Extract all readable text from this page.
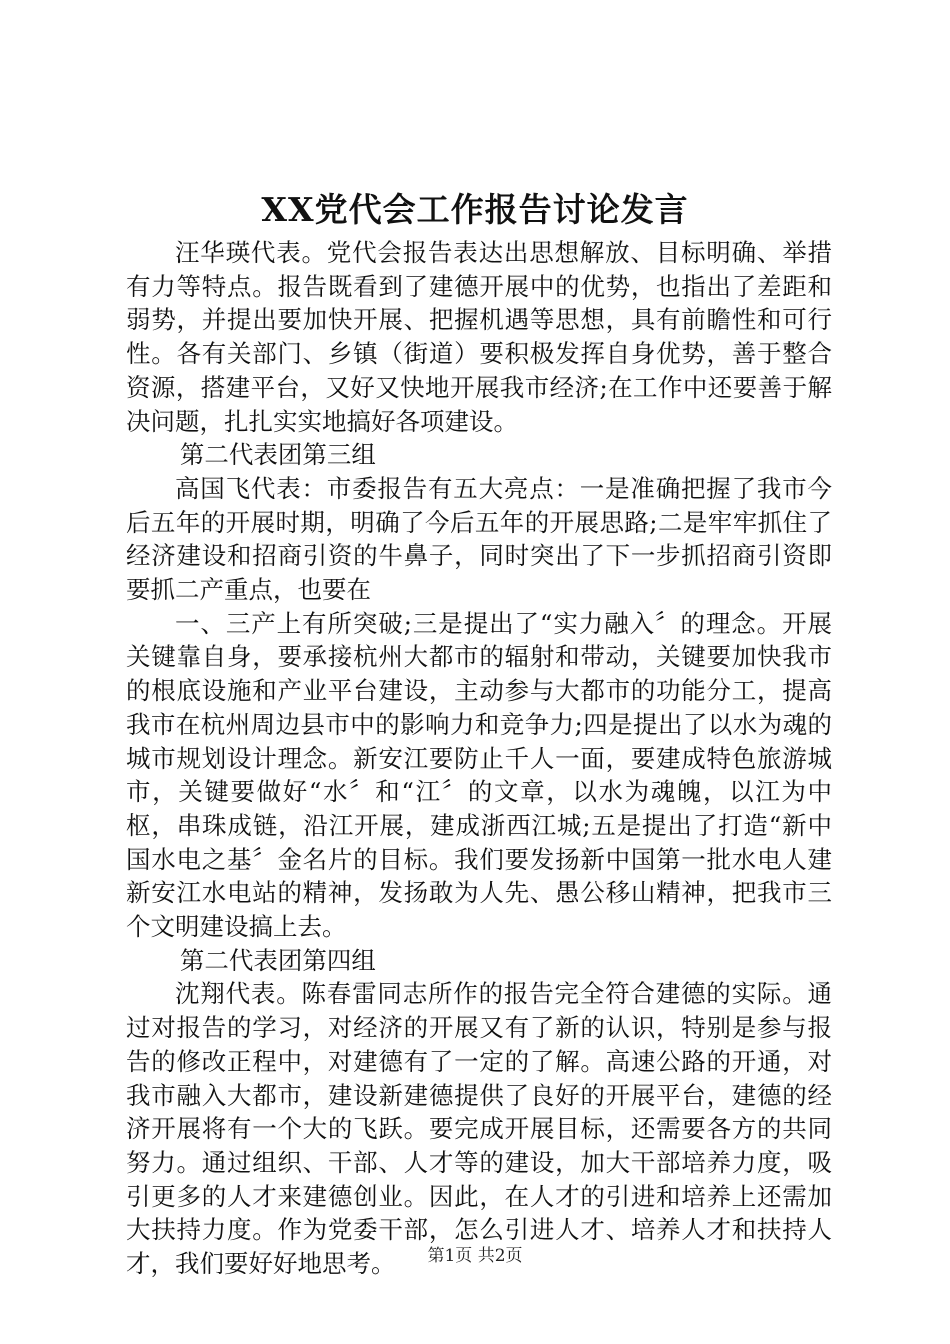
XX党代会工作报告讨论发言

汪华瑛代表。党代会报告表达出思想解放、目标明确、举措有力等特点。报告既看到了建德开展中的优势，也指出了差距和弱势，并提出要加快开展、把握机遇等思想，具有前瞻性和可行性。各有关部门、乡镇（街道）要积极发挥自身优势，善于整合资源，搭建平台，又好又快地开展我市经济;在工作中还要善于解决问题，扎扎实实地搞好各项建设。

第二代表团第三组

高国飞代表：市委报告有五大亮点：一是准确把握了我市今后五年的开展时期，明确了今后五年的开展思路;二是牢牢抓住了经济建设和招商引资的牛鼻子，同时突出了下一步抓招商引资即要抓二产重点，也要在

一、三产上有所突破;三是提出了“实力融入〞的理念。开展关键靠自身，要承接杭州大都市的辐射和带动，关键要加快我市的根底设施和产业平台建设，主动参与大都市的功能分工，提高我市在杭州周边县市中的影响力和竞争力;四是提出了以水为魂的城市规划设计理念。新安江要防止千人一面，要建成特色旅游城市，关键要做好“水〞和“江〞的文章，以水为魂魄，以江为中枢，串珠成链，沿江开展，建成浙西江城;五是提出了打造“新中国水电之基〞金名片的目标。我们要发扬新中国第一批水电人建新安江水电站的精神，发扬敢为人先、愚公移山精神，把我市三个文明建设搞上去。

第二代表团第四组

沈翔代表。陈春雷同志所作的报告完全符合建德的实际。通过对报告的学习，对经济的开展又有了新的认识，特别是参与报告的修改正程中，对建德有了一定的了解。高速公路的开通，对我市融入大都市，建设新建德提供了良好的开展平台，建德的经济开展将有一个大的飞跃。要完成开展目标，还需要各方的共同努力。通过组织、干部、人才等的建设，加大干部培养力度，吸引更多的人才来建德创业。因此，在人才的引进和培养上还需加大扶持力度。作为党委干部，怎么引进人才、培养人才和扶持人才，我们要好好地思考。	第1页 共2页
